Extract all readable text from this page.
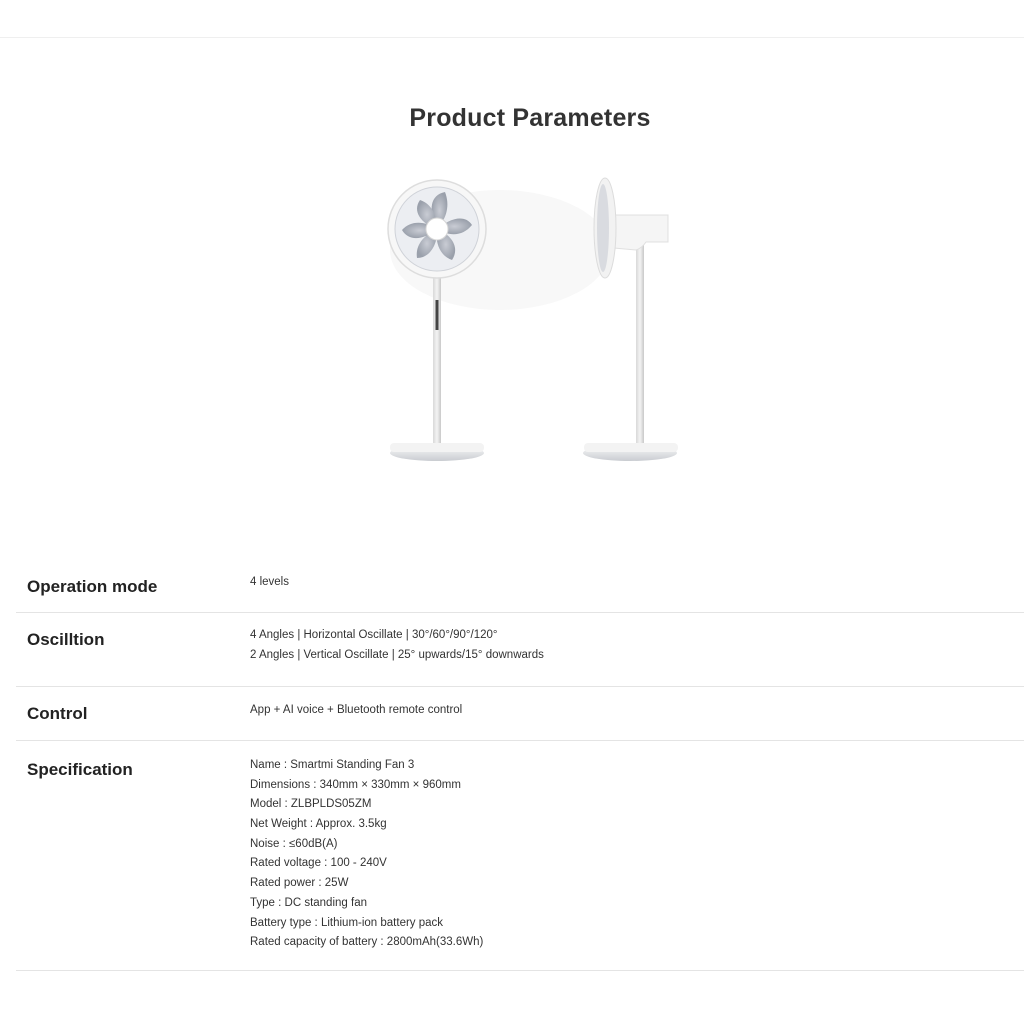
Product Parameters
Operation mode	4 levels
Oscilltion	4 Angles | Horizontal Oscillate | 30°/60°/90°/120°
2 Angles | Vertical Oscillate | 25° upwards/15° downwards
Control	App + AI voice + Bluetooth remote control
Specification	Name : Smartmi Standing Fan 3
Dimensions : 340mm × 330mm × 960mm
Model : ZLBPLDS05ZM
Net Weight : Approx. 3.5kg
Noise : ≤60dB(A)
Rated voltage : 100 - 240V
Rated power : 25W
Type : DC standing fan
Battery type : Lithium-ion battery pack
Rated capacity of battery : 2800mAh(33.6Wh)
